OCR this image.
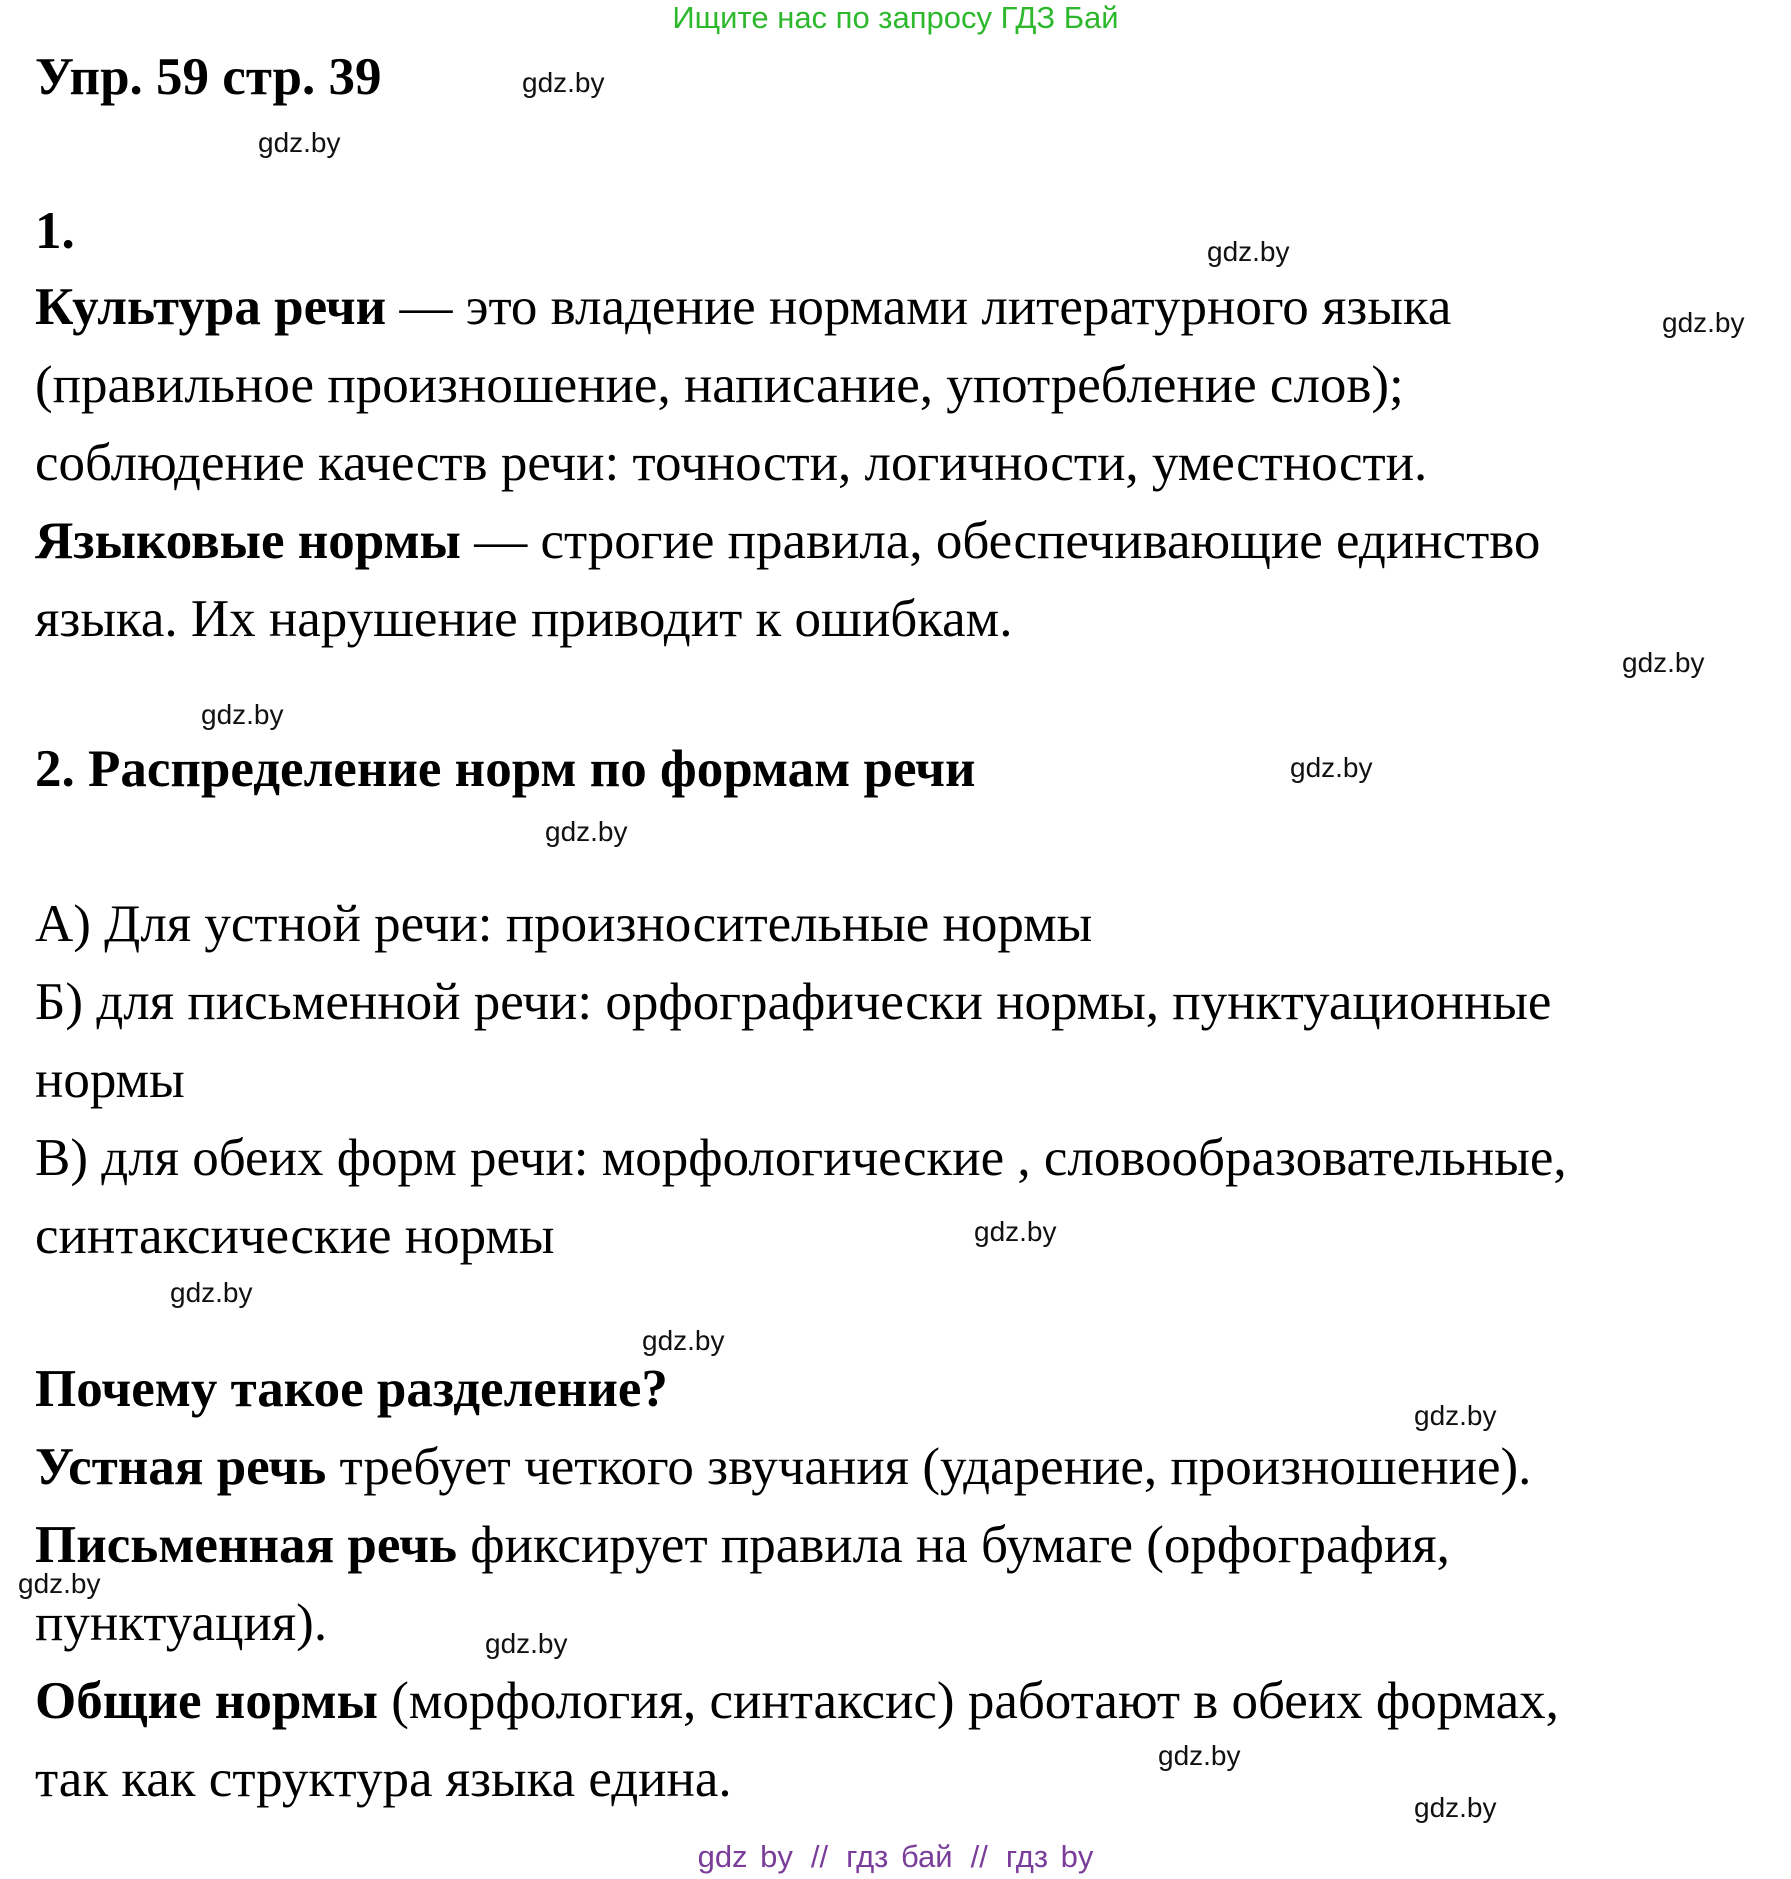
Ищите нас по запросу ГДЗ Бай
Упр. 59 стр. 39
1.
Культура речи — это владение нормами литературного языка
(правильное произношение, написание, употребление слов);
соблюдение качеств речи: точности, логичности, уместности.
Языковые нормы — строгие правила, обеспечивающие единство
языка. Их нарушение приводит к ошибкам.
2. Распределение норм по формам речи
А) Для устной речи: произносительные нормы
Б) для письменной речи: орфографически нормы, пунктуационные
нормы
В) для обеих форм речи: морфологические , словообразовательные,
синтаксические нормы
Почему такое разделение?
Устная речь требует четкого звучания (ударение, произношение).
Письменная речь фиксирует правила на бумаге (орфография,
пунктуация).
Общие нормы (морфология, синтаксис) работают в обеих формах,
так как структура языка едина.
gdz.by
gdz.by
gdz.by
gdz.by
gdz.by
gdz.by
gdz.by
gdz.by
gdz.by
gdz.by
gdz.by
gdz.by
gdz.by
gdz.by
gdz.by
gdz.by
gdz by // гдз бай // гдз by
